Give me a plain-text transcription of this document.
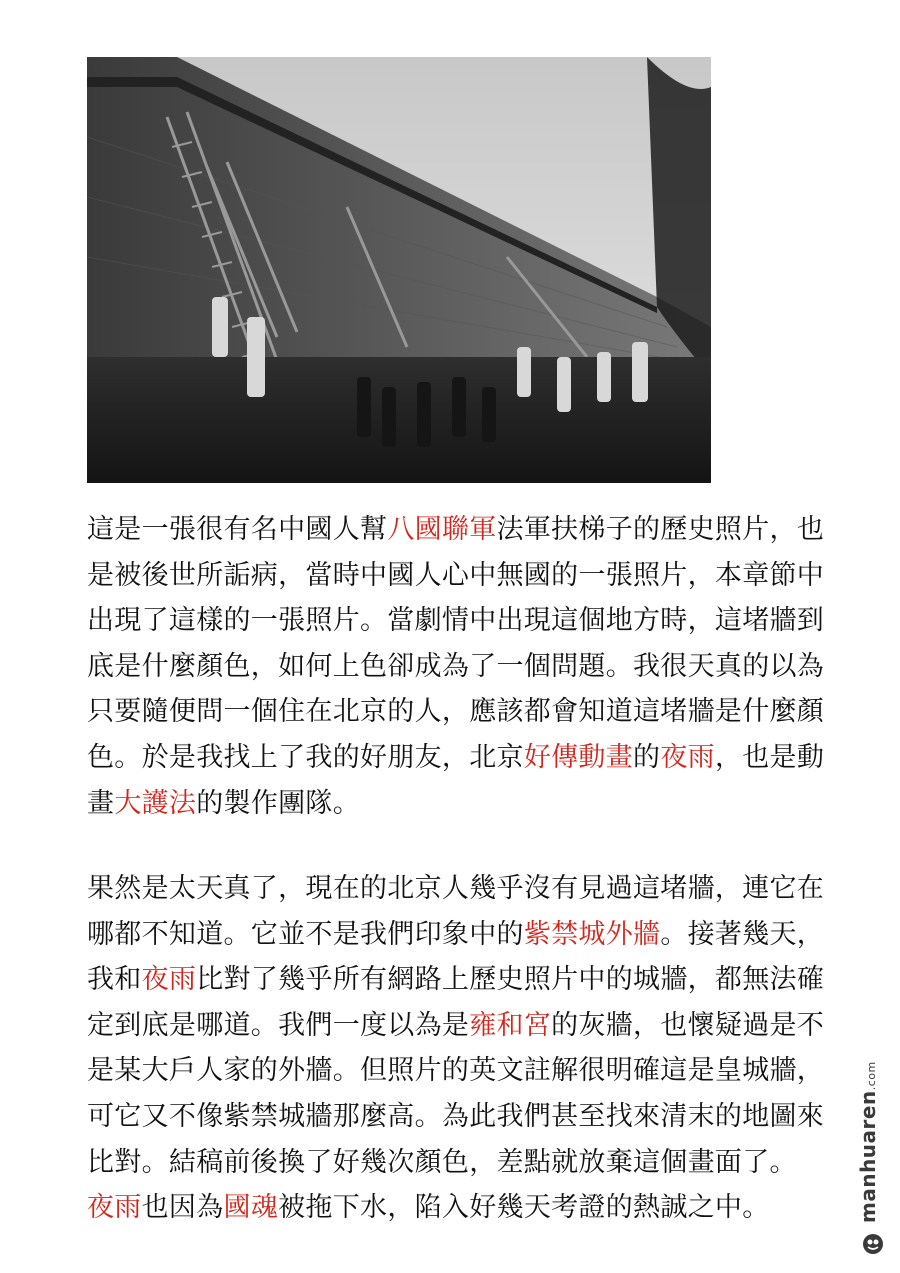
這是一張很有名中國人幫八國聯軍法軍扶梯子的歷史照片，也
是被後世所詬病，當時中國人心中無國的一張照片，本章節中
出現了這樣的一張照片。當劇情中出現這個地方時，這堵牆到
底是什麼顏色，如何上色卻成為了一個問題。我很天真的以為
只要隨便問一個住在北京的人，應該都會知道這堵牆是什麼顏
色。於是我找上了我的好朋友，北京好傳動畫的夜雨，也是動
畫大護法的製作團隊。
果然是太天真了，現在的北京人幾乎沒有見過這堵牆，連它在
哪都不知道。它並不是我們印象中的紫禁城外牆。接著幾天，
我和夜雨比對了幾乎所有網路上歷史照片中的城牆，都無法確
定到底是哪道。我們一度以為是雍和宮的灰牆，也懷疑過是不
是某大戶人家的外牆。但照片的英文註解很明確這是皇城牆，
可它又不像紫禁城牆那麼高。為此我們甚至找來清末的地圖來
比對。結稿前後換了好幾次顏色，差點就放棄這個畫面了。
夜雨也因為國魂被拖下水，陷入好幾天考證的熱誠之中。	manhuaren.com
